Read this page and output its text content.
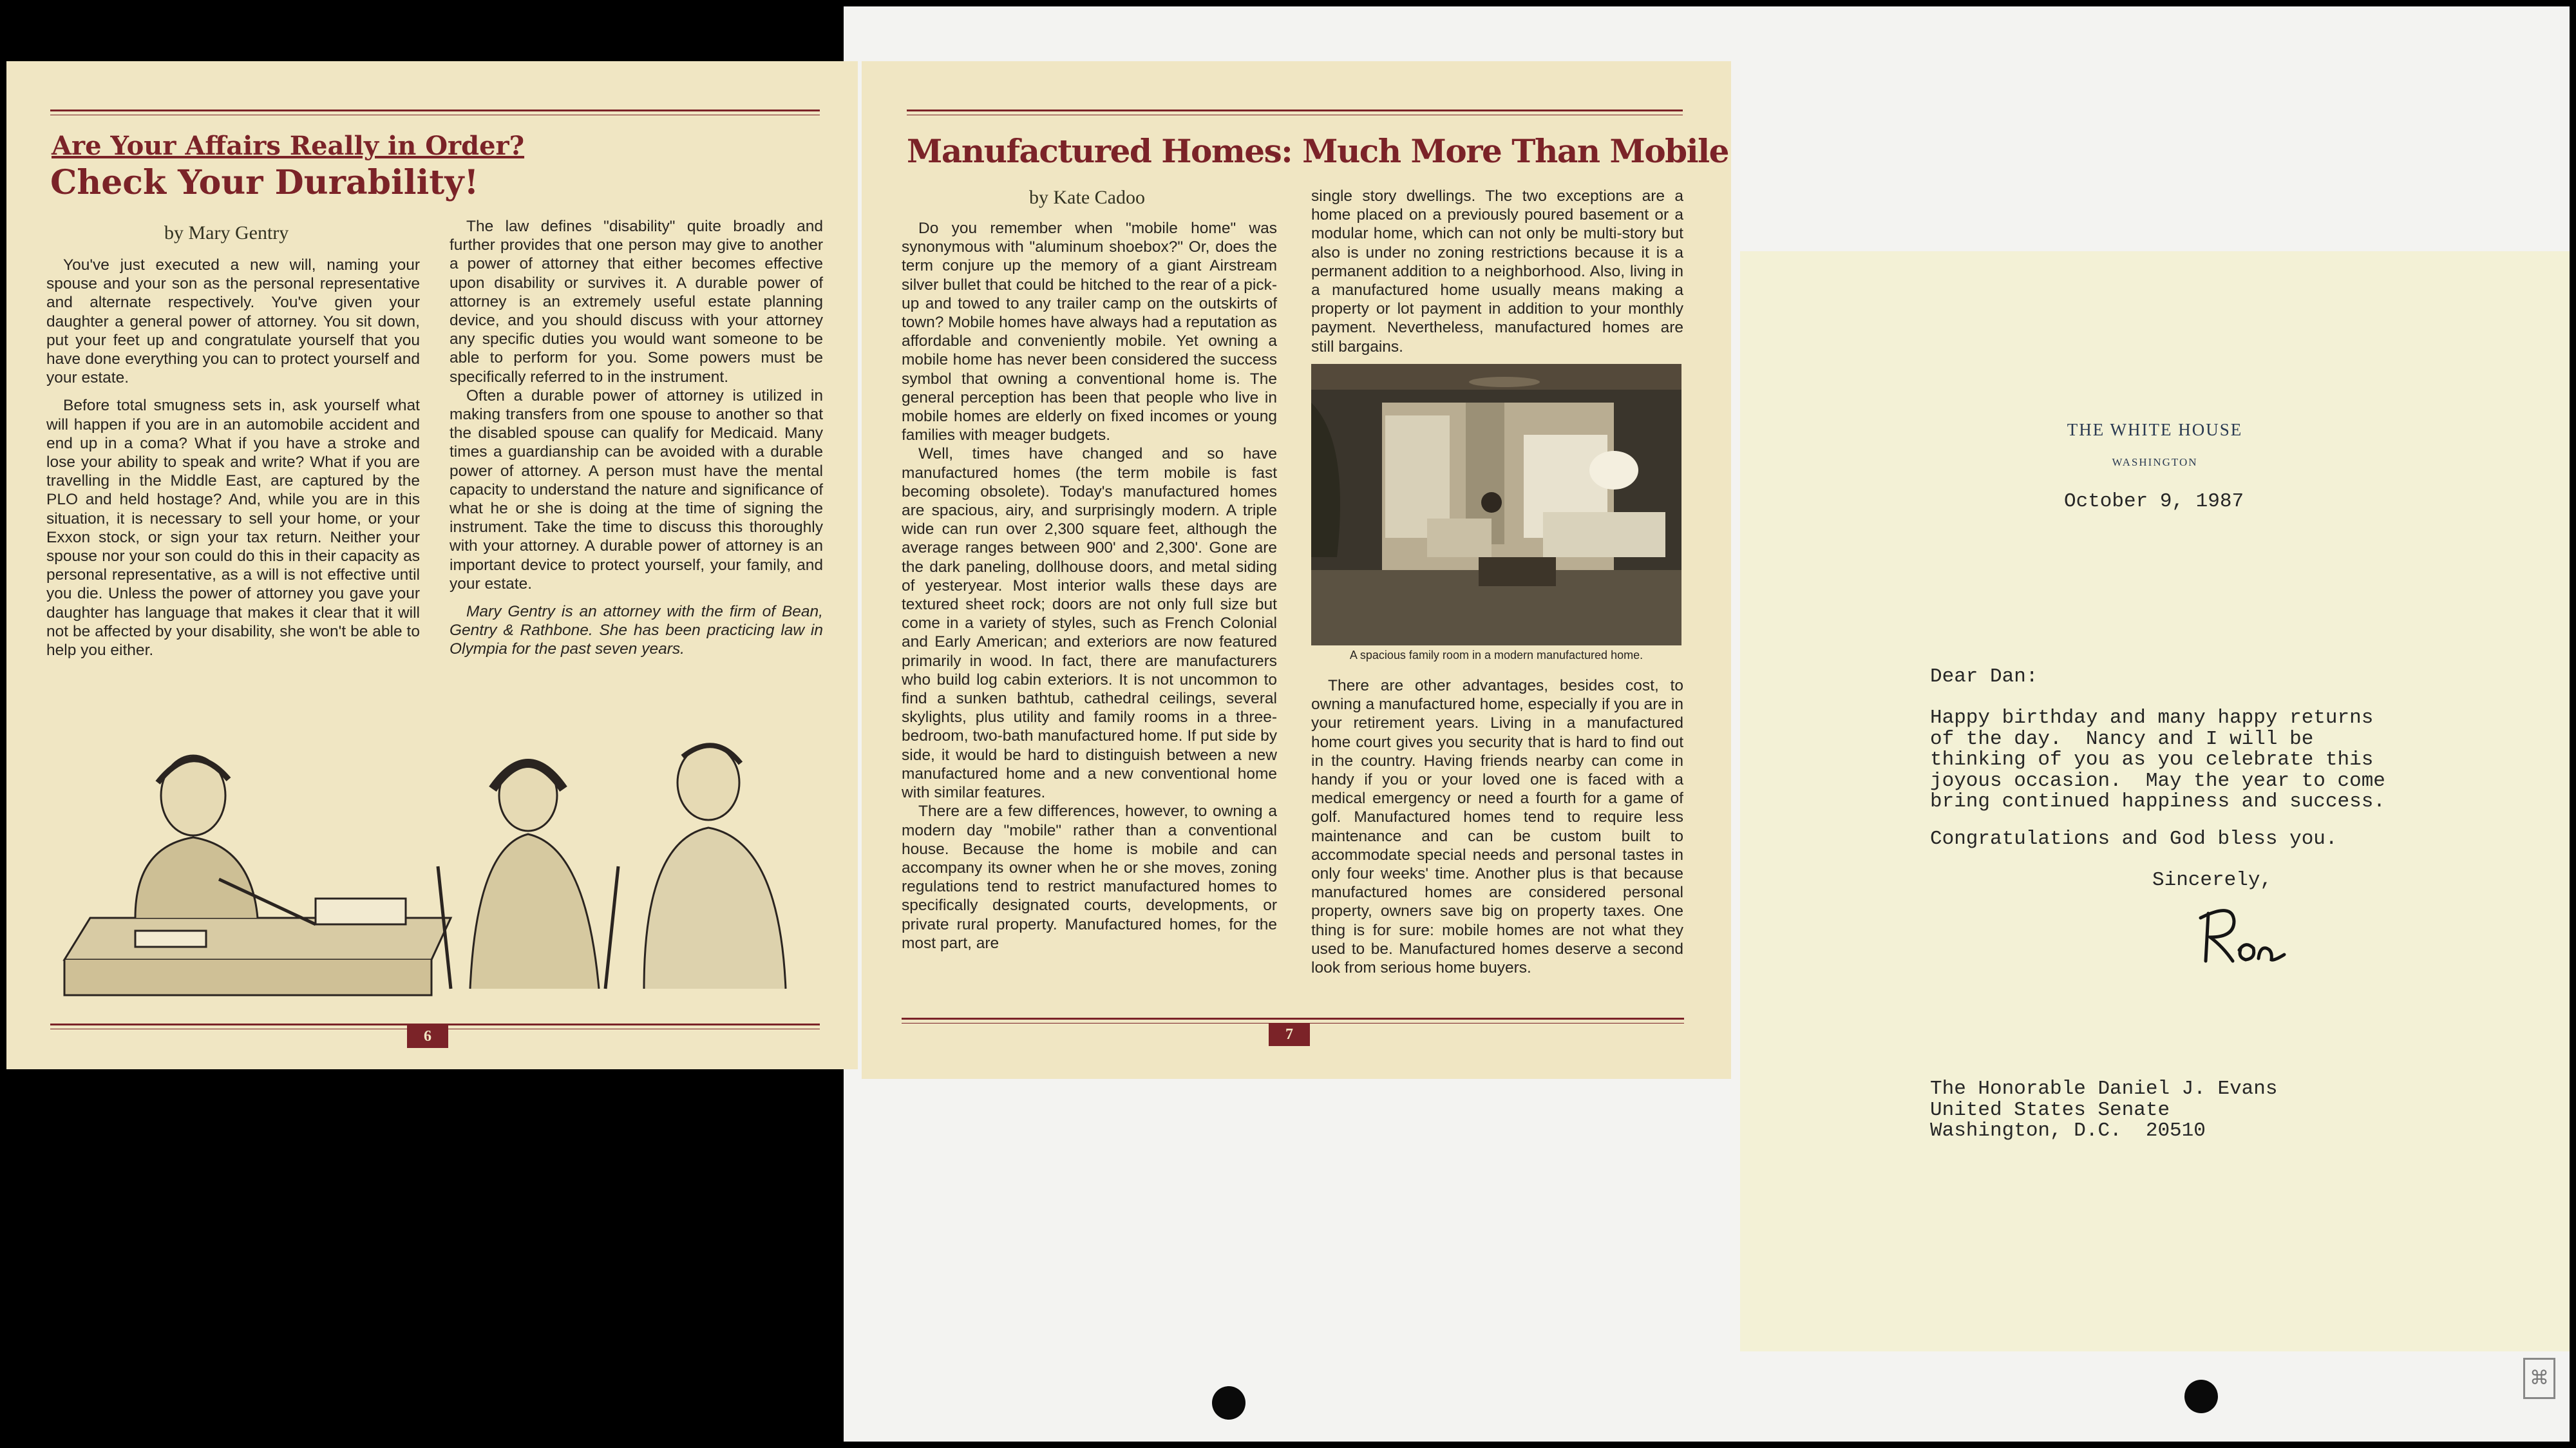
⌘
Are Your Affairs Really in Order?
Check Your Durability!
by Mary Gentry

You've just executed a new will, naming your spouse and your son as the personal representative and alternate respectively. You've given your daughter a general power of attorney. You sit down, put your feet up and congratulate yourself that you have done everything you can to protect yourself and your estate.

Before total smugness sets in, ask yourself what will happen if you are in an automobile accident and end up in a coma? What if you have a stroke and lose your ability to speak and write? What if you are travelling in the Middle East, are captured by the PLO and held hostage? And, while you are in this situation, it is necessary to sell your home, or your Exxon stock, or sign your tax return. Neither your spouse nor your son could do this in their capacity as personal representative, as a will is not effective until you die. Unless the power of attorney you gave your daughter has language that makes it clear that it will not be affected by your disability, she won't be able to help you either.

The law defines "disability" quite broadly and further provides that one person may give to another a power of attorney that either becomes effective upon disability or survives it. A durable power of attorney is an extremely useful estate planning device, and you should discuss with your attorney any specific duties you would want someone to be able to perform for you. Some powers must be specifically referred to in the instrument.

Often a durable power of attorney is utilized in making transfers from one spouse to another so that the disabled spouse can qualify for Medicaid. Many times a guardianship can be avoided with a durable power of attorney. A person must have the mental capacity to understand the nature and significance of what he or she is doing at the time of signing the instrument. Take the time to discuss this thoroughly with your attorney. A durable power of attorney is an important device to protect yourself, your family, and your estate.

Mary Gentry is an attorney with the firm of Bean, Gentry & Rathbone. She has been practicing law in Olympia for the past seven years.

6
Manufactured Homes: Much More Than Mobile
by Kate Cadoo

Do you remember when "mobile home" was synonymous with "aluminum shoebox?" Or, does the term conjure up the memory of a giant Airstream silver bullet that could be hitched to the rear of a pick-up and towed to any trailer camp on the outskirts of town? Mobile homes have always had a reputation as affordable and conveniently mobile. Yet owning a mobile home has never been considered the success symbol that owning a conventional home is. The general perception has been that people who live in mobile homes are elderly on fixed incomes or young families with meager budgets.

Well, times have changed and so have manufactured homes (the term mobile is fast becoming obsolete). Today's manufactured homes are spacious, airy, and surprisingly modern. A triple wide can run over 2,300 square feet, although the average ranges between 900' and 2,300'. Gone are the dark paneling, dollhouse doors, and metal siding of yesteryear. Most interior walls these days are textured sheet rock; doors are not only full size but come in a variety of styles, such as French Colonial and Early American; and exteriors are now featured primarily in wood. In fact, there are manufacturers who build log cabin exteriors. It is not uncommon to find a sunken bathtub, cathedral ceilings, several skylights, plus utility and family rooms in a three-bedroom, two-bath manufactured home. If put side by side, it would be hard to distinguish between a new manufactured home and a new conventional home with similar features.

There are a few differences, however, to owning a modern day "mobile" rather than a conventional house. Because the home is mobile and can accompany its owner when he or she moves, zoning regulations tend to restrict manufactured homes to specifically designated courts, developments, or private rural property. Manufactured homes, for the most part, are

single story dwellings. The two exceptions are a home placed on a previously poured basement or a modular home, which can not only be multi-story but also is under no zoning restrictions because it is a permanent addition to a neighborhood. Also, living in a manufactured home usually means making a property or lot payment in addition to your monthly payment. Nevertheless, manufactured homes are still bargains.

A spacious family room in a modern manufactured home.

There are other advantages, besides cost, to owning a manufactured home, especially if you are in your retirement years. Living in a manufactured home court gives you security that is hard to find out in the country. Having friends nearby can come in handy if you or your loved one is faced with a medical emergency or need a fourth for a game of golf. Manufactured homes tend to require less maintenance and can be custom built to accommodate special needs and personal tastes in only four weeks' time. Another plus is that because manufactured homes are considered personal property, owners save big on property taxes. One thing is for sure: mobile homes are not what they used to be. Manufactured homes deserve a second look from serious home buyers.

7
THE WHITE HOUSE
WASHINGTON
October 9, 1987
Dear Dan:
Happy birthday and many happy returns
of the day.  Nancy and I will be
thinking of you as you celebrate this
joyous occasion.  May the year to come
bring continued happiness and success.
Congratulations and God bless you.
Sincerely,
The Honorable Daniel J. Evans
United States Senate
Washington, D.C.  20510
